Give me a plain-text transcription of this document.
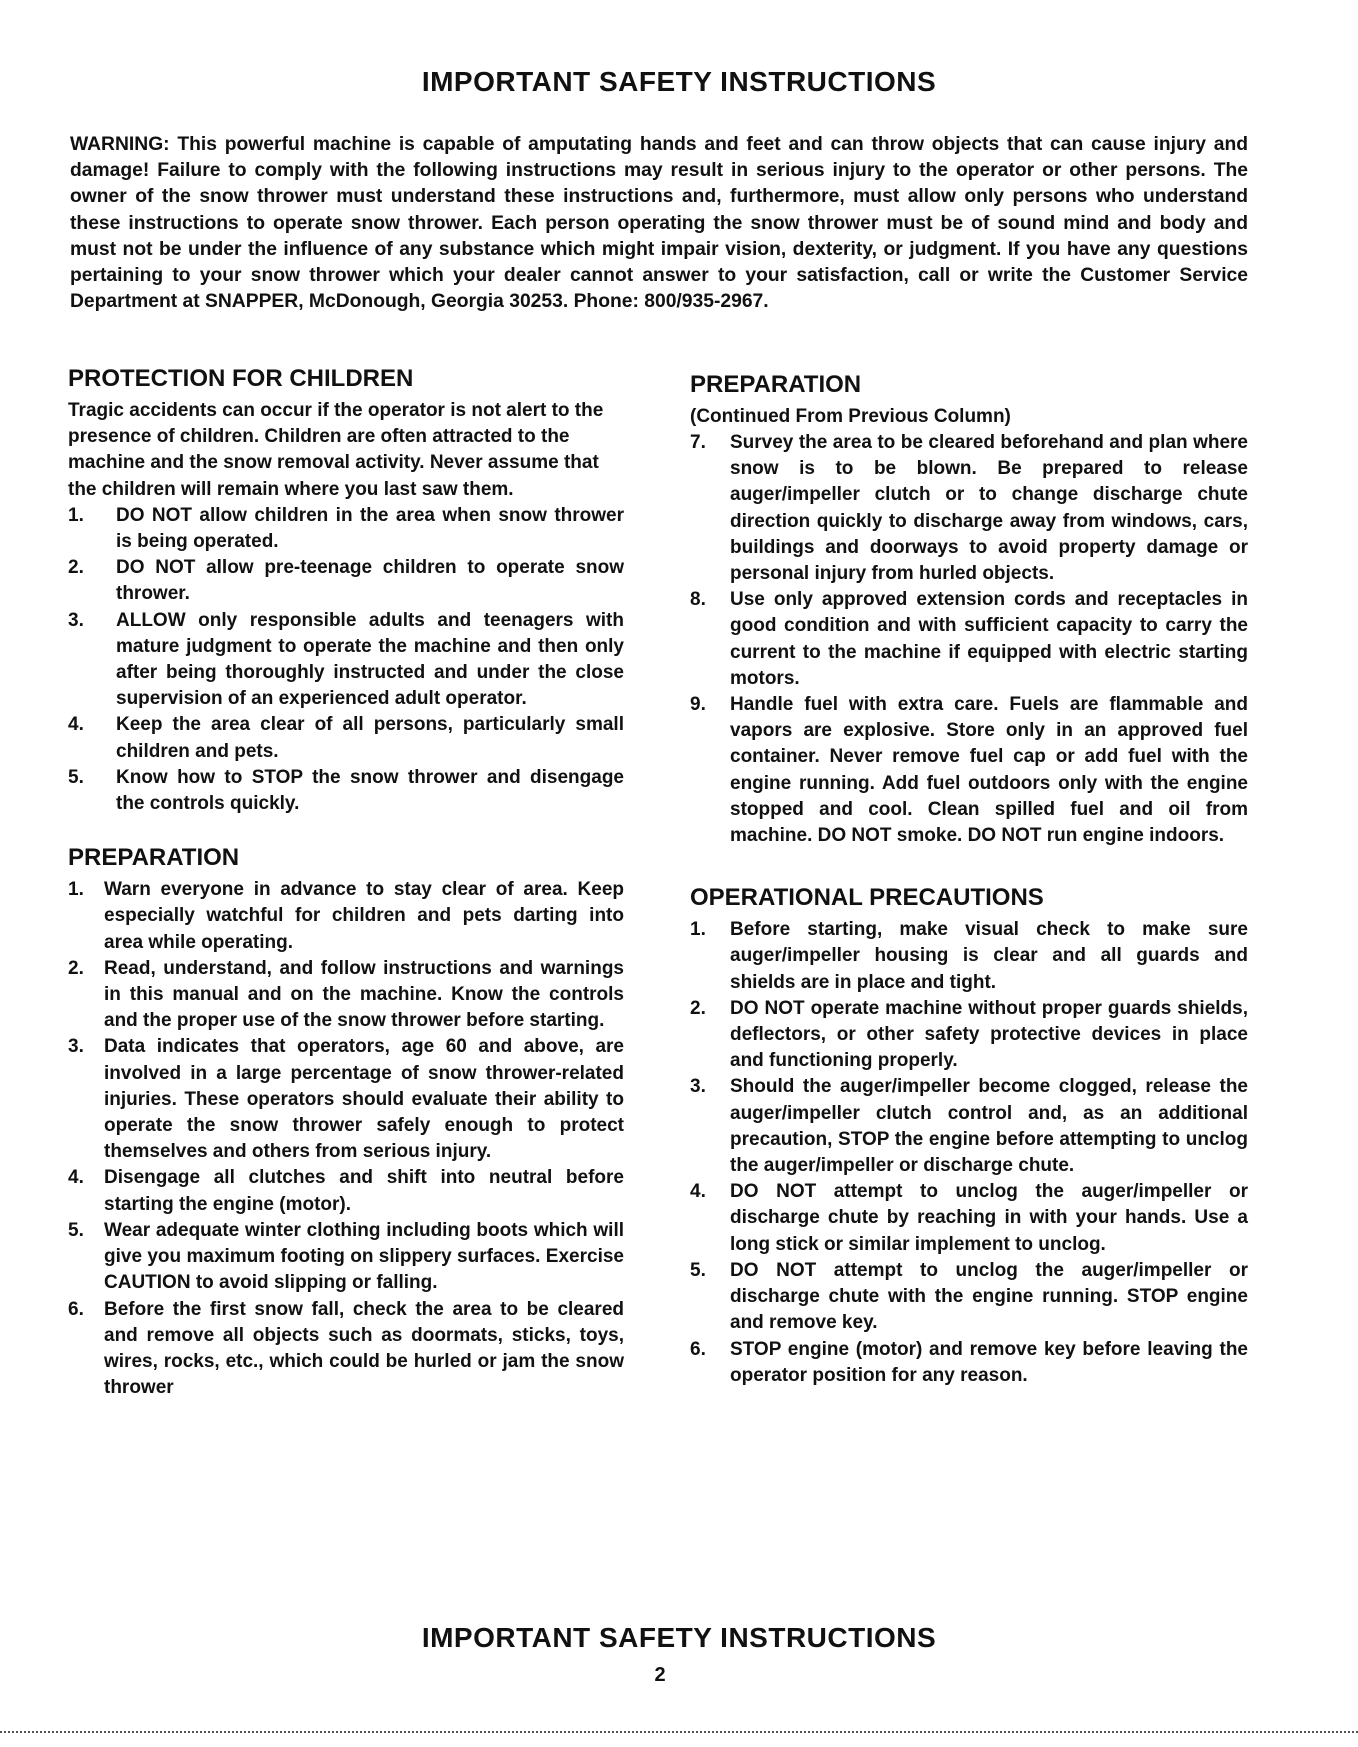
IMPORTANT SAFETY INSTRUCTIONS
WARNING: This powerful machine is capable of amputating hands and feet and can throw objects that can cause injury and damage! Failure to comply with the following instructions may result in serious injury to the operator or other persons. The owner of the snow thrower must understand these instructions and, furthermore, must allow only persons who understand these instructions to operate snow thrower. Each person operating the snow thrower must be of sound mind and body and must not be under the influence of any substance which might impair vision, dexterity, or judgment. If you have any questions pertaining to your snow thrower which your dealer cannot answer to your satisfaction, call or write the Customer Service Department at SNAPPER, McDonough, Georgia 30253. Phone: 800/935-2967.
PROTECTION FOR CHILDREN
Tragic accidents can occur if the operator is not alert to the presence of children. Children are often attracted to the machine and the snow removal activity. Never assume that the children will remain where you last saw them.
1.	DO NOT allow children in the area when snow thrower is being operated.
2.	DO NOT allow pre-teenage children to operate snow thrower.
3.	ALLOW only responsible adults and teenagers with mature judgment to operate the machine and then only after being thoroughly instructed and under the close supervision of an experienced adult operator.
4.	Keep the area clear of all persons, particularly small children and pets.
5.	Know how to STOP the snow thrower and disengage the controls quickly.
PREPARATION
1.	Warn everyone in advance to stay clear of area. Keep especially watchful for children and pets darting into area while operating.
2.	Read, understand, and follow instructions and warnings in this manual and on the machine. Know the controls and the proper use of the snow thrower before starting.
3.	Data indicates that operators, age 60 and above, are involved in a large percentage of snow thrower-related injuries. These operators should evaluate their ability to operate the snow thrower safely enough to protect themselves and others from serious injury.
4.	Disengage all clutches and shift into neutral before starting the engine (motor).
5.	Wear adequate winter clothing including boots which will give you maximum footing on slippery surfaces. Exercise CAUTION to avoid slipping or falling.
6.	Before the first snow fall, check the area to be cleared and remove all objects such as doormats, sticks, toys, wires, rocks, etc., which could be hurled or jam the snow thrower
PREPARATION
(Continued From Previous Column)
7.	Survey the area to be cleared beforehand and plan where snow is to be blown. Be prepared to release auger/impeller clutch or to change discharge chute direction quickly to discharge away from windows, cars, buildings and doorways to avoid property damage or personal injury from hurled objects.
8.	Use only approved extension cords and receptacles in good condition and with sufficient capacity to carry the current to the machine if equipped with electric starting motors.
9.	Handle fuel with extra care. Fuels are flammable and vapors are explosive. Store only in an approved fuel container. Never remove fuel cap or add fuel with the engine running. Add fuel outdoors only with the engine stopped and cool. Clean spilled fuel and oil from machine. DO NOT smoke. DO NOT run engine indoors.
OPERATIONAL PRECAUTIONS
1.	Before starting, make visual check to make sure auger/impeller housing is clear and all guards and shields are in place and tight.
2.	DO NOT operate machine without proper guards shields, deflectors, or other safety protective devices in place and functioning properly.
3.	Should the auger/impeller become clogged, release the auger/impeller clutch control and, as an additional precaution, STOP the engine before attempting to unclog the auger/impeller or discharge chute.
4.	DO NOT attempt to unclog the auger/impeller or discharge chute by reaching in with your hands. Use a long stick or similar implement to unclog.
5.	DO NOT attempt to unclog the auger/impeller or discharge chute with the engine running. STOP engine and remove key.
6.	STOP engine (motor) and remove key before leaving the operator position for any reason.
IMPORTANT SAFETY INSTRUCTIONS
2
